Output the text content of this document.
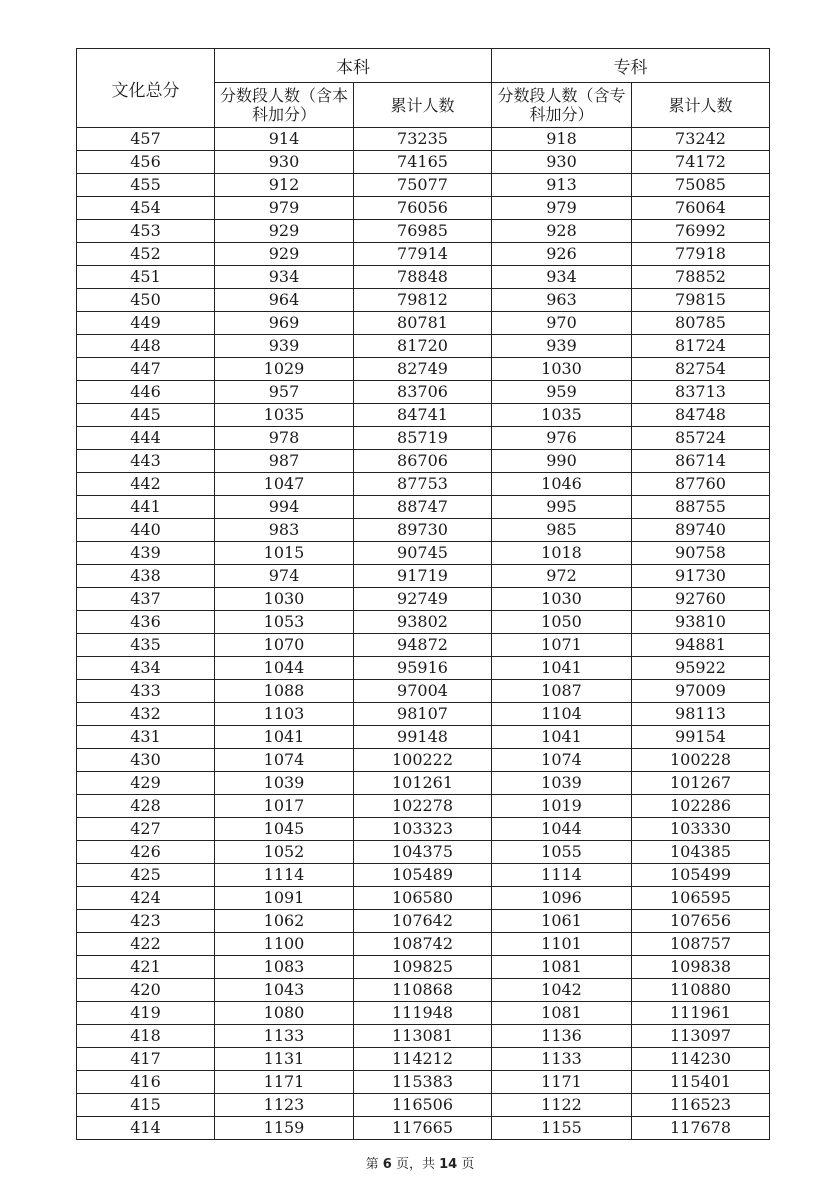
文化总分	本科		专科	
	分数段人数（含本科加分）	累计人数	分数段人数（含专科加分）	累计人数
457	914	73235	918	73242
456	930	74165	930	74172
455	912	75077	913	75085
454	979	76056	979	76064
453	929	76985	928	76992
452	929	77914	926	77918
451	934	78848	934	78852
450	964	79812	963	79815
449	969	80781	970	80785
448	939	81720	939	81724
447	1029	82749	1030	82754
446	957	83706	959	83713
445	1035	84741	1035	84748
444	978	85719	976	85724
443	987	86706	990	86714
442	1047	87753	1046	87760
441	994	88747	995	88755
440	983	89730	985	89740
439	1015	90745	1018	90758
438	974	91719	972	91730
437	1030	92749	1030	92760
436	1053	93802	1050	93810
435	1070	94872	1071	94881
434	1044	95916	1041	95922
433	1088	97004	1087	97009
432	1103	98107	1104	98113
431	1041	99148	1041	99154
430	1074	100222	1074	100228
429	1039	101261	1039	101267
428	1017	102278	1019	102286
427	1045	103323	1044	103330
426	1052	104375	1055	104385
425	1114	105489	1114	105499
424	1091	106580	1096	106595
423	1062	107642	1061	107656
422	1100	108742	1101	108757
421	1083	109825	1081	109838
420	1043	110868	1042	110880
419	1080	111948	1081	111961
418	1133	113081	1136	113097
417	1131	114212	1133	114230
416	1171	115383	1171	115401
415	1123	116506	1122	116523
414	1159	117665	1155	117678
第 6 页，共 14 页
